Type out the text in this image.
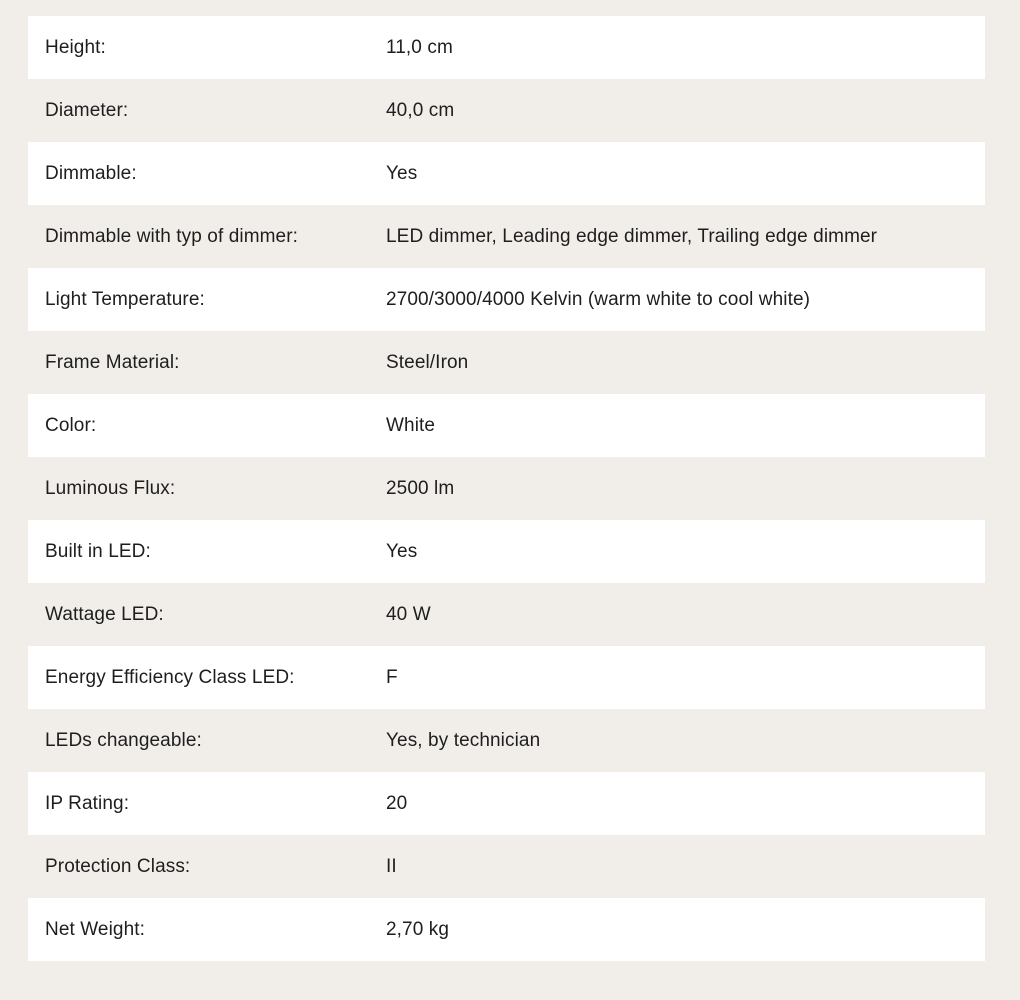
Height:	11,0 cm
Diameter:	40,0 cm
Dimmable:	Yes
Dimmable with typ of dimmer:	LED dimmer, Leading edge dimmer, Trailing edge dimmer
Light Temperature:	2700/3000/4000 Kelvin (warm white to cool white)
Frame Material:	Steel/Iron
Color:	White
Luminous Flux:	2500 lm
Built in LED:	Yes
Wattage LED:	40 W
Energy Efficiency Class LED:	F
LEDs changeable:	Yes, by technician
IP Rating:	20
Protection Class:	II
Net Weight:	2,70 kg
